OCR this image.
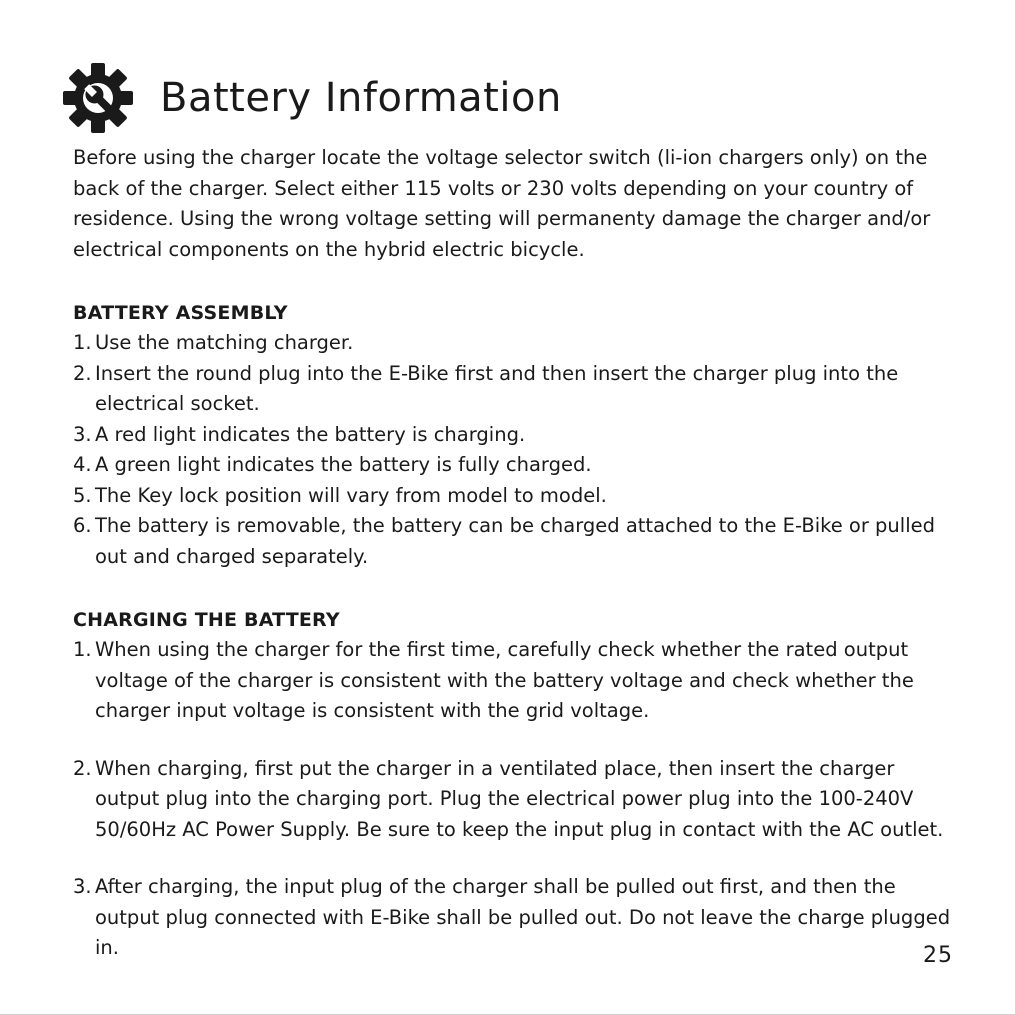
Battery Information

Before using the charger locate the voltage selector switch (li-ion chargers only) on the back of the charger. Select either 115 volts or 230 volts depending on your country of residence. Using the wrong voltage setting will permanenty damage the charger and/or electrical components on the hybrid electric bicycle.

BATTERY ASSEMBLY
1. Use the matching charger.
2. Insert the round plug into the E-Bike first and then insert the charger plug into the electrical socket.
3. A red light indicates the battery is charging.
4. A green light indicates the battery is fully charged.
5. The Key lock position will vary from model to model.
6. The battery is removable, the battery can be charged attached to the E-Bike or pulled out and charged separately.
CHARGING THE BATTERY
1. When using the charger for the first time, carefully check whether the rated output voltage of the charger is consistent with the battery voltage and check whether the charger input voltage is consistent with the grid voltage.
2. When charging, first put the charger in a ventilated place, then insert the charger output plug into the charging port. Plug the electrical power plug into the 100-240V 50/60Hz AC Power Supply. Be sure to keep the input plug in contact with the AC outlet.
3. After charging, the input plug of the charger shall be pulled out first, and then the output plug connected with E-Bike shall be pulled out. Do not leave the charge plugged in.	25
